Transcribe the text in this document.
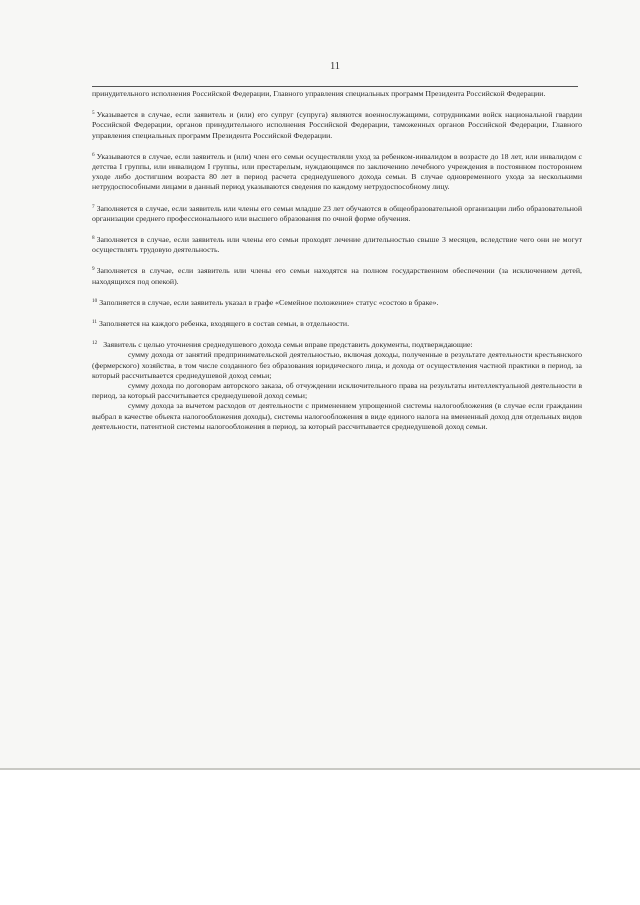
11

принудительного исполнения Российской Федерации, Главного управления специальных программ Президента Российской Федерации.

$^5$ Указывается в случае, если заявитель и (или) его супруг (супруга) являются военнослужащими, сотрудниками войск национальной гвардии Российской Федерации, органов принудительного исполнения Российской Федерации, таможенных органов Российской Федерации, Главного управления специальных программ Президента Российской Федерации.

$^6$ Указываются в случае, если заявитель и (или) член его семьи осуществляли уход за ребенком-инвалидом в возрасте до 18 лет, или инвалидом с детства I группы, или инвалидом I группы, или престарелым, нуждающимся по заключению лечебного учреждения в постоянном постороннем уходе либо достигшим возраста 80 лет в период расчета среднедушевого дохода семьи. В случае одновременного ухода за несколькими нетрудоспособными лицами в данный период указываются сведения по каждому нетрудоспособному лицу.

$^7$ Заполняется в случае, если заявитель или члены его семьи младше 23 лет обучаются в общеобразовательной организации либо образовательной организации среднего профессионального или высшего образования по очной форме обучения.

$^8$ Заполняется в случае, если заявитель или члены его семьи проходят лечение длительностью свыше 3 месяцев, вследствие чего они не могут осуществлять трудовую деятельность.

$^9$ Заполняется в случае, если заявитель или члены его семьи находятся на полном государственном обеспечении (за исключением детей, находящихся под опекой).

$^{10}$ Заполняется в случае, если заявитель указал в графе «Семейное положение» статус «состою в браке».

$^{11}$ Заполняется на каждого ребенка, входящего в состав семьи, в отдельности.

$^{12}$ Заявитель с целью уточнения среднедушевого дохода семьи вправе представить документы, подтверждающие:

сумму дохода от занятий предпринимательской деятельностью, включая доходы, полученные в результате деятельности крестьянского (фермерского) хозяйства, в том числе созданного без образования юридического лица, и дохода от осуществления частной практики в период, за который рассчитывается среднедушевой доход семьи;

сумму дохода по договорам авторского заказа, об отчуждении исключительного права на результаты интеллектуальной деятельности в период, за который рассчитывается среднедушевой доход семьи;

сумму дохода за вычетом расходов от деятельности с применением упрощенной системы налогообложения (в случае если гражданин выбрал в качестве объекта налогообложения доходы), системы налогообложения в виде единого налога на вмененный доход для отдельных видов деятельности, патентной системы налогообложения в период, за который рассчитывается среднедушевой доход семьи.
